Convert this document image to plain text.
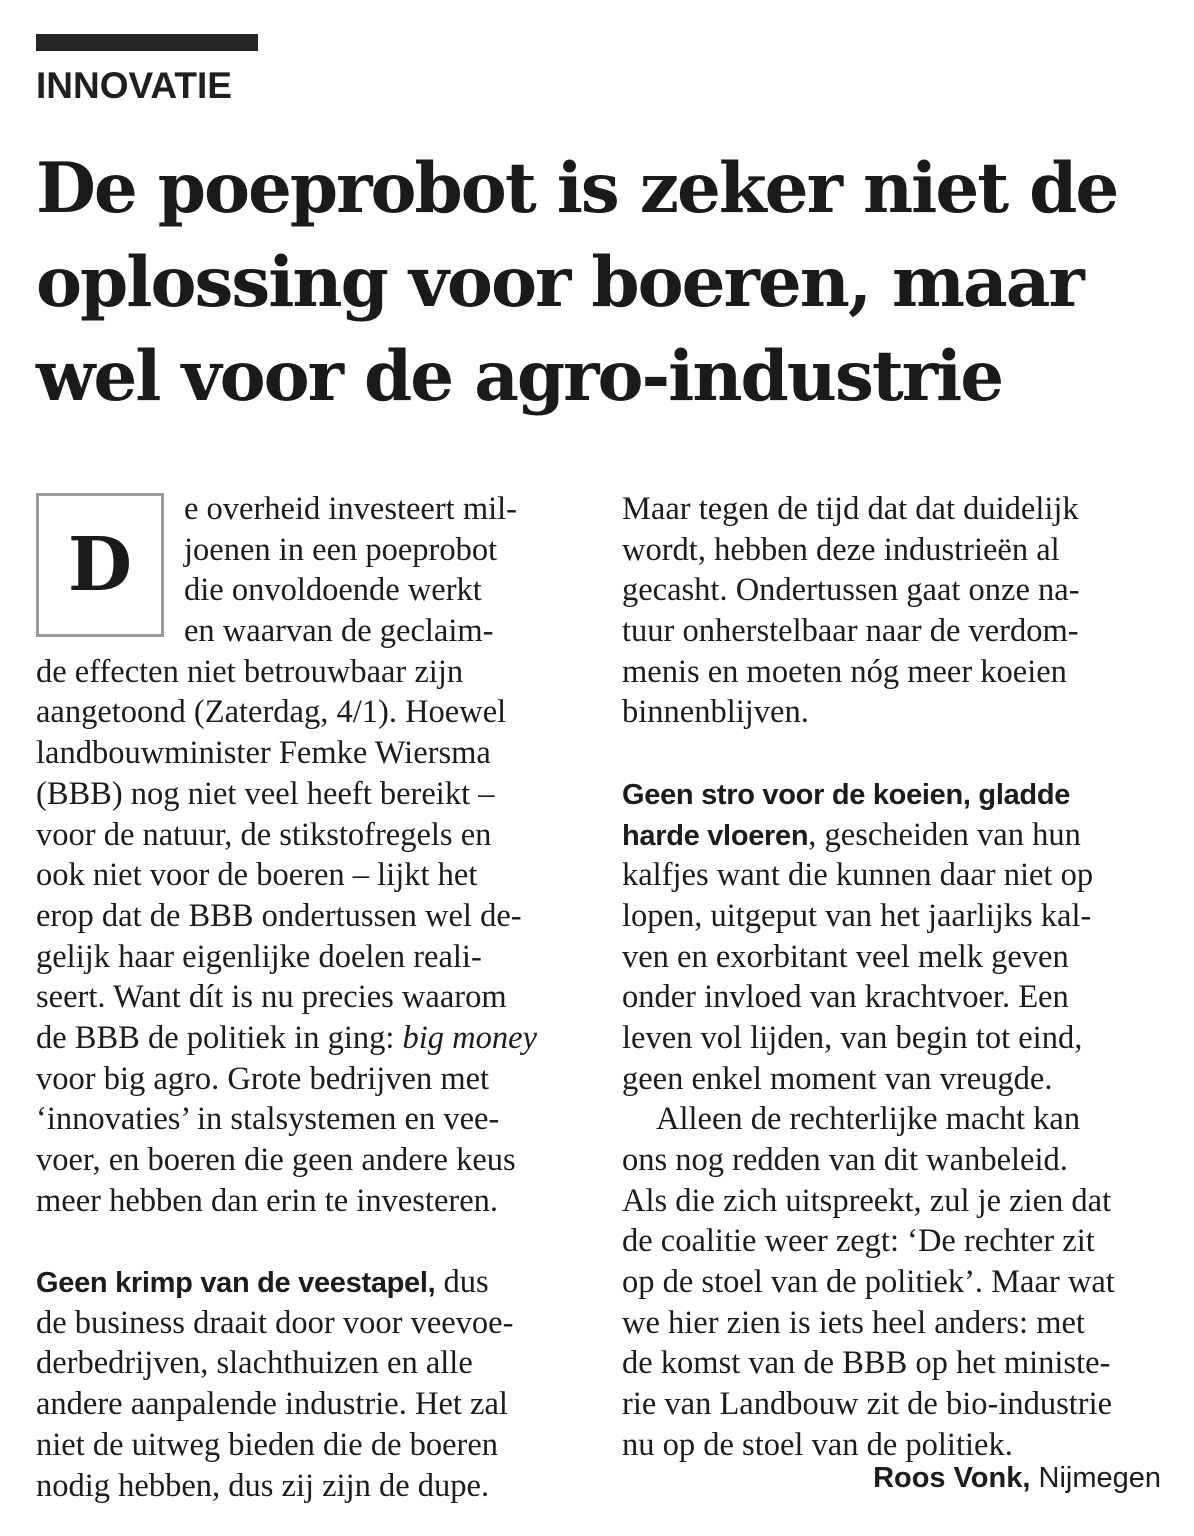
INNOVATIE
De poeprobot is zeker niet de
oplossing voor boeren, maar
wel voor de agro-industrie
D
e overheid investeert mil-
joenen in een poeprobot
die onvoldoende werkt
en waarvan de geclaim-
de effecten niet betrouwbaar zijn
aangetoond (Zaterdag, 4/1). Hoewel
landbouwminister Femke Wiersma
(BBB) nog niet veel heeft bereikt –
voor de natuur, de stikstofregels en
ook niet voor de boeren – lijkt het
erop dat de BBB ondertussen wel de-
gelijk haar eigenlijke doelen reali-
seert. Want dít is nu precies waarom
de BBB de politiek in ging: big money
voor big agro. Grote bedrijven met
‘innovaties’ in stalsystemen en vee-
voer, en boeren die geen andere keus
meer hebben dan erin te investeren.
Geen krimp van de veestapel, dus
de business draait door voor veevoe-
derbedrijven, slachthuizen en alle
andere aanpalende industrie. Het zal
niet de uitweg bieden die de boeren
nodig hebben, dus zij zijn de dupe.
Maar tegen de tijd dat dat duidelijk
wordt, hebben deze industrieën al
gecasht. Ondertussen gaat onze na-
tuur onherstelbaar naar de verdom-
menis en moeten nóg meer koeien
binnenblijven.
Geen stro voor de koeien, gladde
harde vloeren, gescheiden van hun
kalfjes want die kunnen daar niet op
lopen, uitgeput van het jaarlijks kal-
ven en exorbitant veel melk geven
onder invloed van krachtvoer. Een
leven vol lijden, van begin tot eind,
geen enkel moment van vreugde.
Alleen de rechterlijke macht kan
ons nog redden van dit wanbeleid.
Als die zich uitspreekt, zul je zien dat
de coalitie weer zegt: ‘De rechter zit
op de stoel van de politiek’. Maar wat
we hier zien is iets heel anders: met
de komst van de BBB op het ministe-
rie van Landbouw zit de bio-industrie
nu op de stoel van de politiek.
Roos Vonk, Nijmegen
